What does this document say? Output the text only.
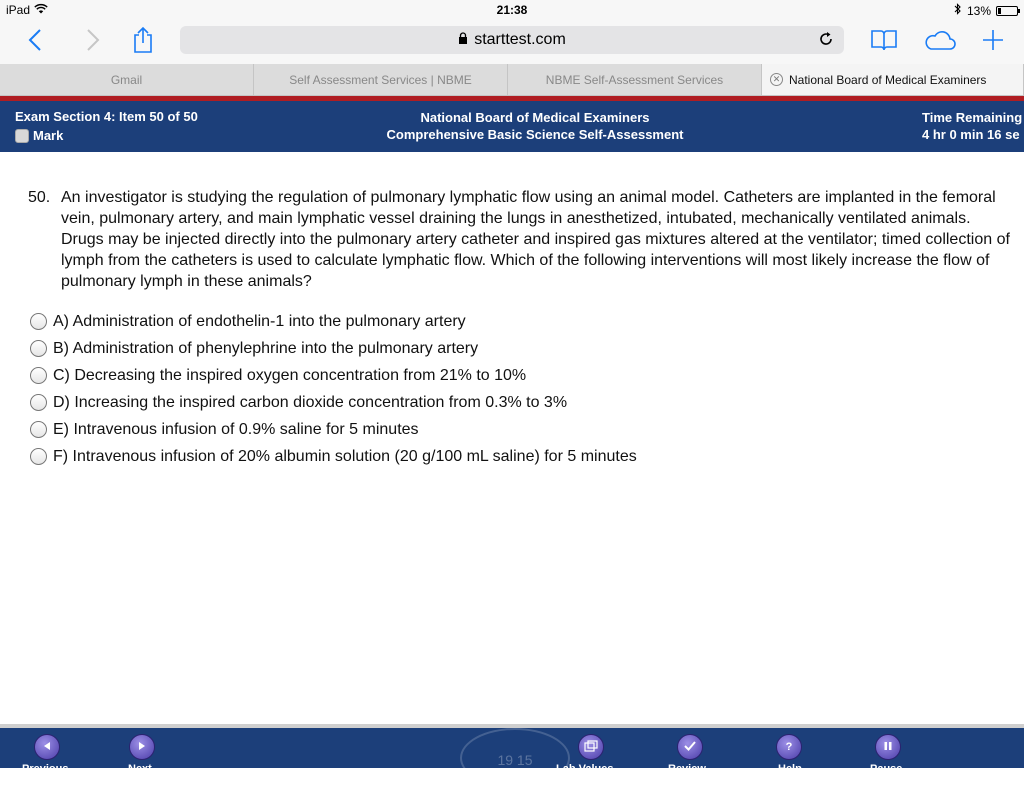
iPad	21:38	13%
starttest.com
Gmail	Self Assessment Services | NBME	NBME Self-Assessment Services	✕ National Board of Medical Examiners
Exam Section 4: Item 50 of 50
Mark
National Board of Medical Examiners
Comprehensive Basic Science Self-Assessment
Time Remaining
4 hr 0 min 16 se
50. An investigator is studying the regulation of pulmonary lymphatic flow using an animal model. Catheters are implanted in the femoral vein, pulmonary artery, and main lymphatic vessel draining the lungs in anesthetized, intubated, mechanically ventilated animals. Drugs may be injected directly into the pulmonary artery catheter and inspired gas mixtures altered at the ventilator; timed collection of lymph from the catheters is used to calculate lymphatic flow. Which of the following interventions will most likely increase the flow of pulmonary lymph in these animals?
A) Administration of endothelin-1 into the pulmonary artery
B) Administration of phenylephrine into the pulmonary artery
C) Decreasing the inspired oxygen concentration from 21% to 10%
D) Increasing the inspired carbon dioxide concentration from 0.3% to 3%
E) Intravenous infusion of 0.9% saline for 5 minutes
F) Intravenous infusion of 20% albumin solution (20 g/100 mL saline) for 5 minutes
19 15
Previous	Next	Lab Values	Review
?
Help	Pause
